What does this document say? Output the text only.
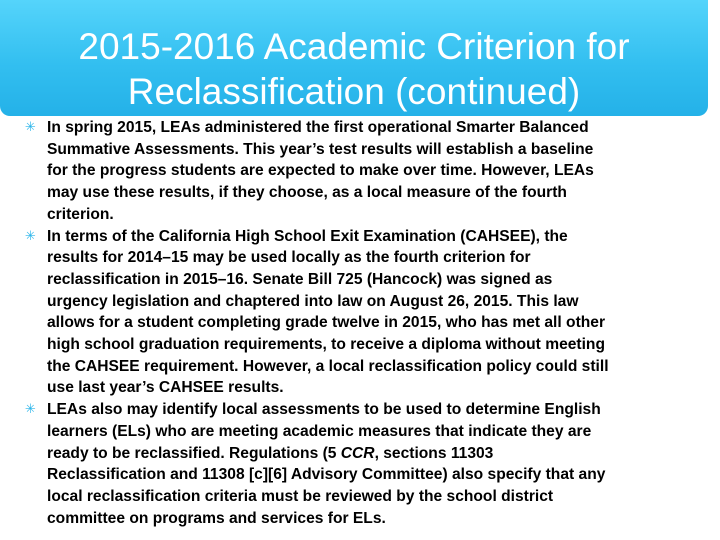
2015-2016 Academic Criterion for
Reclassification (continued)
✳ In spring 2015, LEAs administered the first operational Smarter Balanced
Summative Assessments. This year’s test results will establish a baseline
for the progress students are expected to make over time. However, LEAs
may use these results, if they choose, as a local measure of the fourth
criterion.
✳ In terms of the California High School Exit Examination (CAHSEE), the
results for 2014–15 may be used locally as the fourth criterion for
reclassification in 2015–16. Senate Bill 725 (Hancock) was signed as
urgency legislation and chaptered into law on August 26, 2015. This law
allows for a student completing grade twelve in 2015, who has met all other
high school graduation requirements, to receive a diploma without meeting
the CAHSEE requirement. However, a local reclassification policy could still
use last year’s CAHSEE results.
✳ LEAs also may identify local assessments to be used to determine English
learners (ELs) who are meeting academic measures that indicate they are
ready to be reclassified. Regulations (5 CCR, sections 11303
Reclassification and 11308 [c][6] Advisory Committee) also specify that any
local reclassification criteria must be reviewed by the school district
committee on programs and services for ELs.
